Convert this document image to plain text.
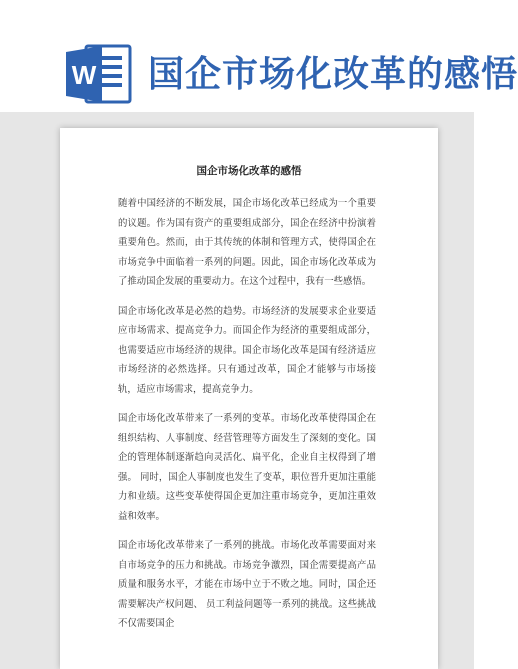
W 国企市场化改革的感悟
国企市场化改革的感悟

随着中国经济的不断发展，国企市场化改革已经成为一个重要的议题。作为国有资产的重要组成部分，国企在经济中扮演着重要角色。然而，由于其传统的体制和管理方式，使得国企在市场竞争中面临着一系列的问题。因此，国企市场化改革成为了推动国企发展的重要动力。在这个过程中，我有一些感悟。

国企市场化改革是必然的趋势。市场经济的发展要求企业要适应市场需求、提高竞争力。而国企作为经济的重要组成部分，也需要适应市场经济的规律。国企市场化改革是国有经济适应市场经济的必然选择。只有通过改革，国企才能够与市场接轨，适应市场需求，提高竞争力。

国企市场化改革带来了一系列的变革。市场化改革使得国企在组织结构、人事制度、经营管理等方面发生了深刻的变化。国企的管理体制逐渐趋向灵活化、扁平化，企业自主权得到了增强。 同时，国企人事制度也发生了变革，职位晋升更加注重能力和业绩。这些变革使得国企更加注重市场竞争，更加注重效益和效率。

国企市场化改革带来了一系列的挑战。市场化改革需要面对来自市场竞争的压力和挑战。市场竞争激烈，国企需要提高产品质量和服务水平，才能在市场中立于不败之地。同时，国企还需要解决产权问题、 员工利益问题等一系列的挑战。这些挑战不仅需要国企
